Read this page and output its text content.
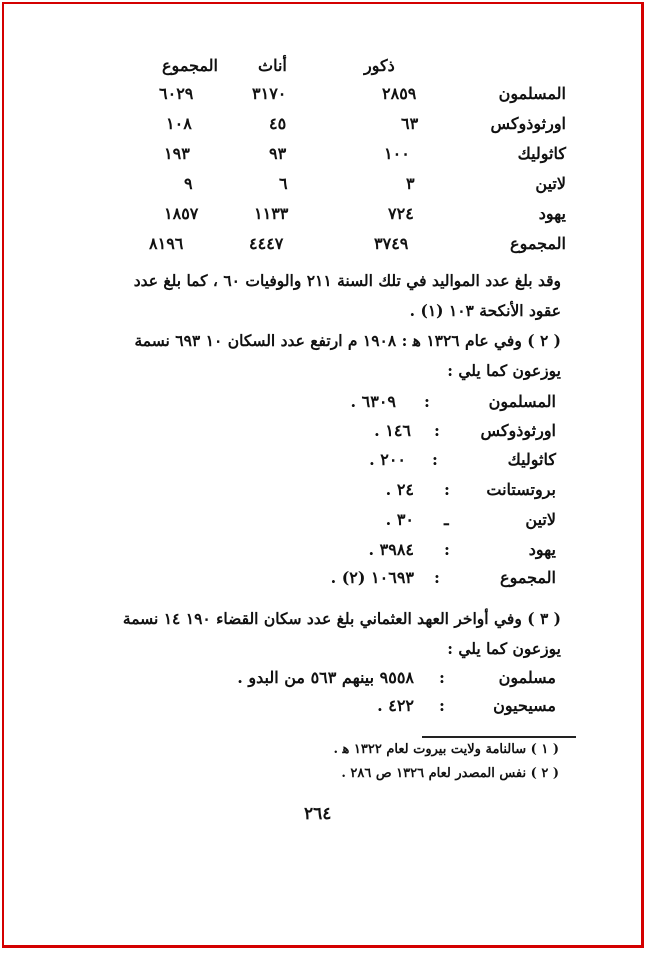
ذكور
أناث
المجموع
المسلمون
٢٨٥٩
٣١٧٠
٦٠٢٩
اورثوذوكس
٦٣
٤٥
١٠٨
كاثوليك
١٠٠
٩٣
١٩٣
لاتين
٣
٦
٩
يهود
٧٢٤
١١٣٣
١٨٥٧
المجموع
٣٧٤٩
٤٤٤٧
٨١٩٦
وقد بلغ عدد المواليد في تلك السنة ٢١١ والوفيات ٦٠ ، كما بلغ عدد
عقود الأنكحة ١٠٣ (١) .
( ٢ ) وفي عام ١٣٢٦ ﻫ : ١٩٠٨ م ارتفع عدد السكان ١٠ ٦٩٣ نسمة
يوزعون كما يلي :
المسلمون
:
٦٣٠٩ .
اورثوذوكس
:
١٤٦ .
كاثوليك
:
٢٠٠ .
بروتستانت
:
٢٤ .
لاتين
ـ
٣٠ .
يهود
:
٣٩٨٤ .
المجموع
:
١٠٦٩٣ (٢) .
( ٣ ) وفي أواخر العهد العثماني بلغ عدد سكان القضاء ١٩٠ ١٤ نسمة
يوزعون كما يلي :
مسلمون
:
٩٥٥٨ بينهم ٥٦٣ من البدو .
مسيحيون
:
٤٢٢ .
( ١ ) سالنامة ولايت بيروت لعام ١٣٢٢ ﻫ .
( ٢ ) نفس المصدر لعام ١٣٢٦ ص ٢٨٦ .
٢٦٤
